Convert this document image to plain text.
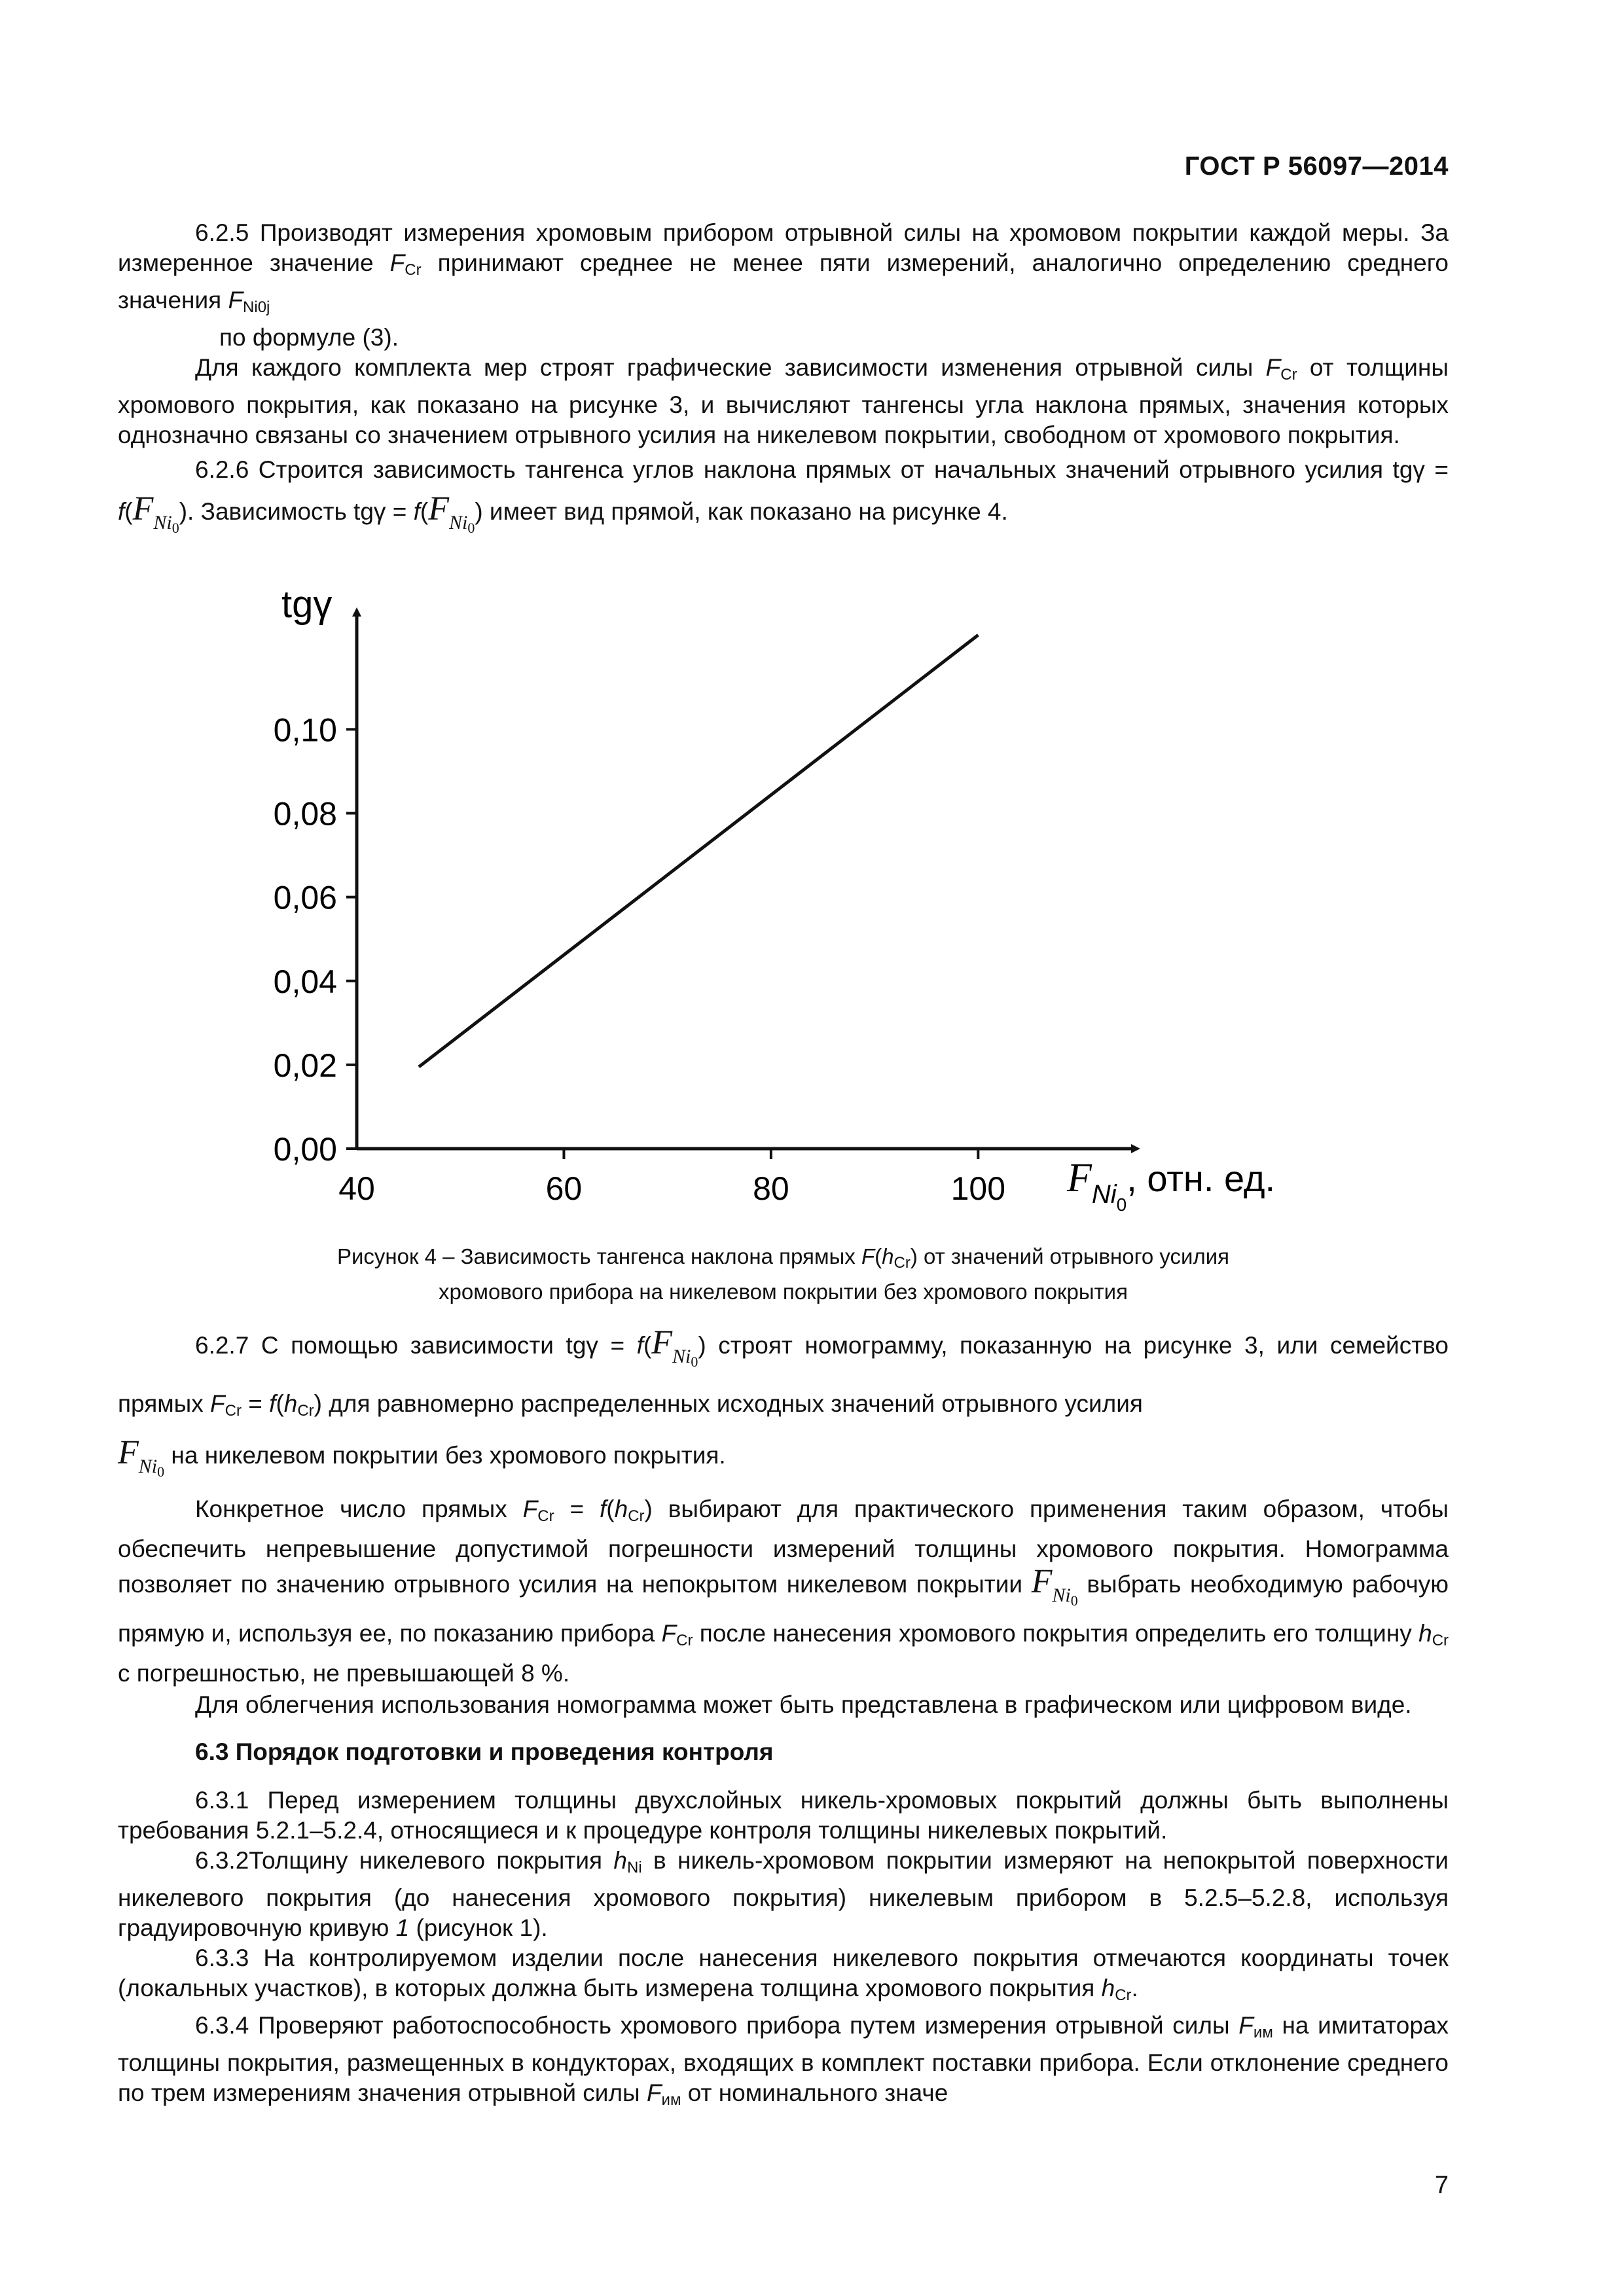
ГОСТ Р 56097—2014

6.2.5 Производят измерения хромовым прибором отрывной силы на хромовом покрытии каждой меры. За измеренное значение $F_{Cr}$ принимают среднее не менее пяти измерений, аналогично определению среднего значения $F_{Ni0j}$

по формуле (3).

Для каждого комплекта мер строят графические зависимости изменения отрывной силы $F_{Cr}$ от толщины хромового покрытия, как показано на рисунке 3, и вычисляют тангенсы угла наклона прямых, значения которых однозначно связаны со значением отрывного усилия на никелевом покрытии, свободном от хромового покрытия.

6.2.6 Строится зависимость тангенса углов наклона прямых от начальных значений отрывного усилия $tg\gamma = f(F_{Ni_0})$. Зависимость $tg\gamma = f(F_{Ni_0})$ имеет вид прямой, как показано на рисунке 4.

tgγ
0,00
0,02
0,04
0,06
0,08
0,10
40	60	80	100 $F_{Ni0}$, отн. ед.
Рисунок 4 – Зависимость тангенса наклона прямых $F(h_{Cr})$ от значений отрывного усилия
хромового прибора на никелевом покрытии без хромового покрытия

6.2.7 С помощью зависимости $tg\gamma = f(F_{Ni_0})$ строят номограмму, показанную на рисунке 3, или семейство прямых $F_{Cr} = f(h_{Cr})$ для равномерно распределенных исходных значений отрывного усилия
$F_{Ni_0}$ на никелевом покрытии без хромового покрытия.

Конкретное число прямых $F_{Cr} = f(h_{Cr})$ выбирают для практического применения таким образом, чтобы обеспечить непревышение допустимой погрешности измерений толщины хромового покрытия. Номограмма позволяет по значению отрывного усилия на непокрытом никелевом покрытии $F_{Ni_0}$ выбрать необходимую рабочую прямую и, используя ее, по показанию прибора $F_{Cr}$ после нанесения хромового покрытия определить его толщину $h_{Cr}$ с погрешностью, не превышающей 8 %.

Для облегчения использования номограмма может быть представлена в графическом или цифровом виде.

6.3 Порядок подготовки и проведения контроля

6.3.1 Перед измерением толщины двухслойных никель-хромовых покрытий должны быть выполнены требования 5.2.1–5.2.4, относящиеся и к процедуре контроля толщины никелевых покрытий.

6.3.2Толщину никелевого покрытия $h_{Ni}$ в никель-хромовом покрытии измеряют на непокрытой поверхности никелевого покрытия (до нанесения хромового покрытия) никелевым прибором в 5.2.5–5.2.8, используя градуировочную кривую 1 (рисунок 1).

6.3.3 На контролируемом изделии после нанесения никелевого покрытия отмечаются координаты точек (локальных участков), в которых должна быть измерена толщина хромового покрытия $h_{Cr}$.

6.3.4 Проверяют работоспособность хромового прибора путем измерения отрывной силы $F_{им}$ на имитаторах толщины покрытия, размещенных в кондукторах, входящих в комплект поставки прибора. Если отклонение среднего по трем измерениям значения отрывной силы $F_{им}$ от номинального значе

7
